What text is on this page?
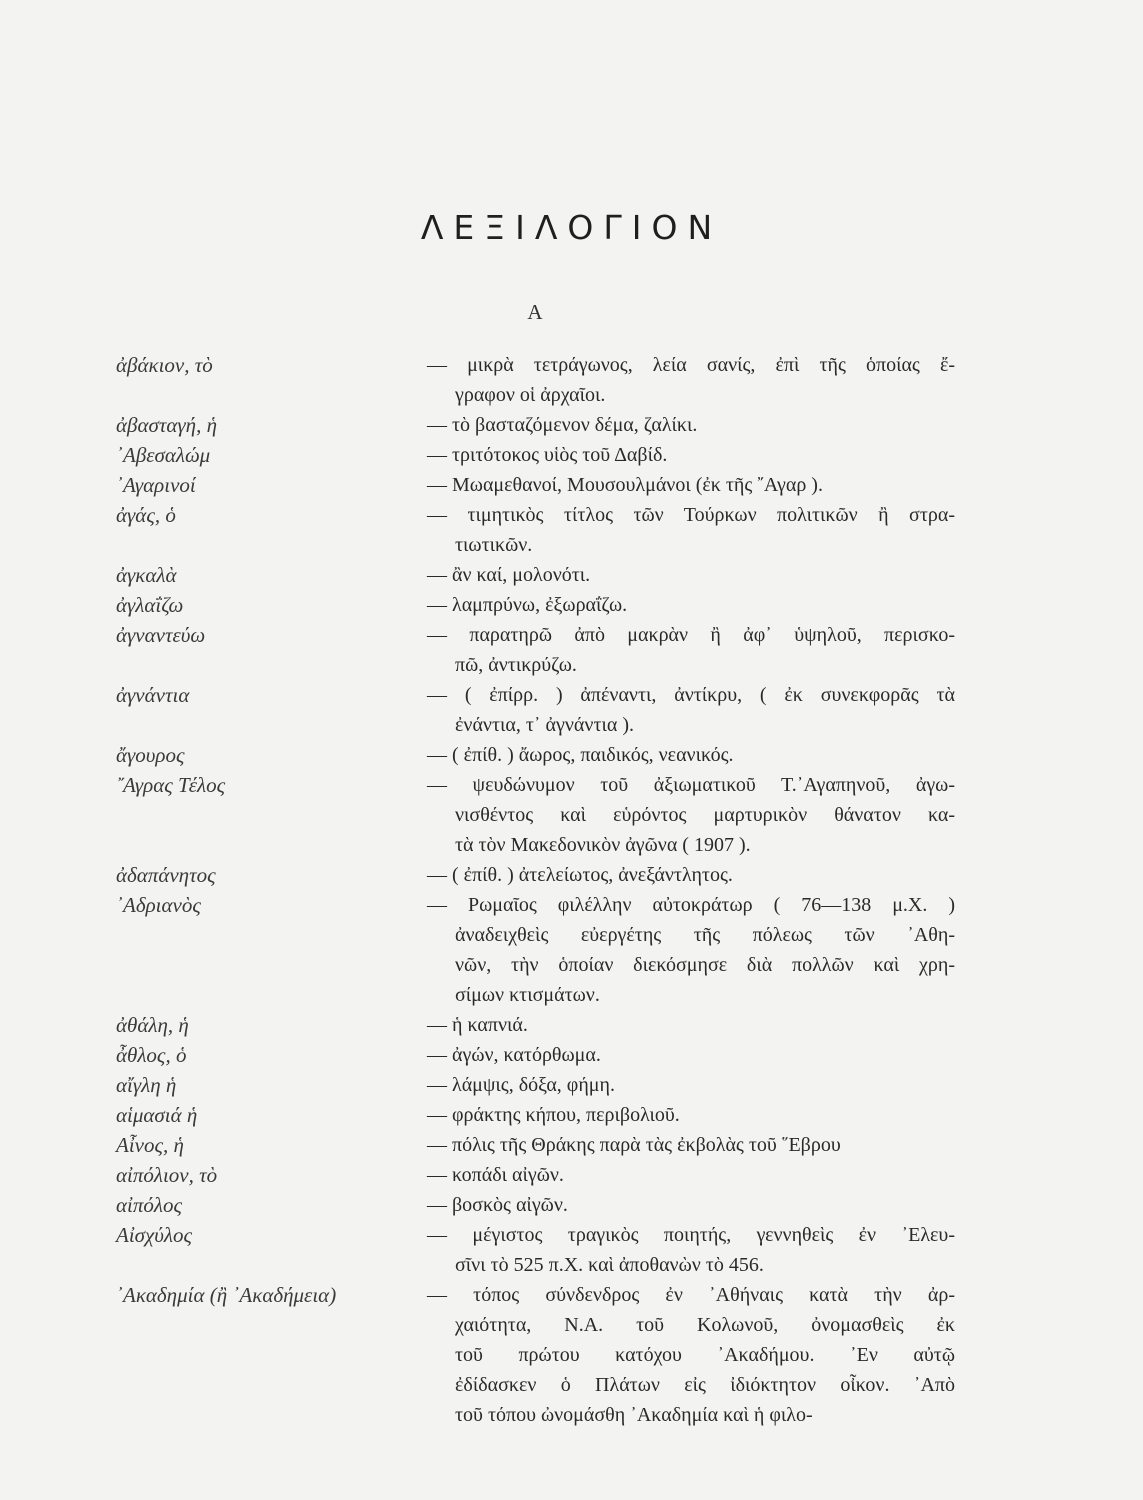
ΛΕΞΙΛΟΓΙΟΝ
Α
ἀβάκιον, τὸ	— μικρὰ τετράγωνος, λεία σανίς, ἐπὶ τῆς ὁποίας ἔ-
γραφον οἱ ἀρχαῖοι.
ἀβασταγή, ἡ	— τὸ βασταζόμενον δέμα, ζαλίκι.
᾿Αβεσαλώμ	— τριτότοκος υἱὸς τοῦ Δαβίδ.
᾿Αγαρινοί	— Μωαμεθανοί, Μουσουλμάνοι (ἐκ τῆς ῎Αγαρ ).
ἀγάς, ὁ	— τιμητικὸς τίτλος τῶν Τούρκων πολιτικῶν ἢ στρα-
τιωτικῶν.
ἀγκαλὰ	— ἂν καί, μολονότι.
ἀγλαΐζω	— λαμπρύνω, ἐξωραΐζω.
ἀγναντεύω	— παρατηρῶ ἀπὸ μακρὰν ἢ ἀφ᾿ ὑψηλοῦ, περισκο-
πῶ, ἀντικρύζω.
ἀγνάντια	— ( ἐπίρρ. ) ἀπέναντι, ἀντίκρυ, ( ἐκ συνεκφορᾶς τὰ
ἐνάντια, τ᾿ ἀγνάντια ).
ἄγουρος	— ( ἐπίθ. ) ἄωρος, παιδικός, νεανικός.
῎Αγρας Τέλος	— ψευδώνυμον τοῦ ἀξιωματικοῦ Τ.᾿Αγαπηνοῦ, ἀγω-
νισθέντος καὶ εὑρόντος μαρτυρικὸν θάνατον κα-
τὰ τὸν Μακεδονικὸν ἀγῶνα ( 1907 ).
ἀδαπάνητος	— ( ἐπίθ. ) ἀτελείωτος, ἀνεξάντλητος.
᾿Αδριανὸς	— Ρωμαῖος φιλέλλην αὐτοκράτωρ ( 76—138 μ.Χ. )
ἀναδειχθεὶς εὐεργέτης τῆς πόλεως τῶν ᾿Αθη-
νῶν, τὴν ὁποίαν διεκόσμησε διὰ πολλῶν καὶ χρη-
σίμων κτισμάτων.
ἀθάλη, ἡ	— ἡ καπνιά.
ἆθλος, ὁ	— ἀγών, κατόρθωμα.
αἴγλη ἡ	— λάμψις, δόξα, φήμη.
αἱμασιά ἡ	— φράκτης κήπου, περιβολιοῦ.
Αἶνος, ἡ	— πόλις τῆς Θράκης παρὰ τὰς ἐκβολὰς τοῦ ῞Εβρου
αἰπόλιον, τὸ	— κοπάδι αἰγῶν.
αἰπόλος	— βοσκὸς αἰγῶν.
Αἰσχύλος	— μέγιστος τραγικὸς ποιητής, γεννηθεὶς ἐν ᾿Ελευ-
σῖνι τὸ 525 π.Χ. καὶ ἀποθανὼν τὸ 456.
᾿Ακαδημία (ἢ ᾿Ακαδήμεια)	— τόπος σύνδενδρος ἐν ᾿Αθήναις κατὰ τὴν ἀρ-
χαιότητα, Ν.Α. τοῦ Κολωνοῦ, ὀνομασθεὶς ἐκ
τοῦ πρώτου κατόχου ᾿Ακαδήμου. ᾿Εν αὐτῷ
ἐδίδασκεν ὁ Πλάτων εἰς ἰδιόκτητον οἶκον. ᾿Απὸ
τοῦ τόπου ὠνομάσθη ᾿Ακαδημία καὶ ἡ φιλο-
